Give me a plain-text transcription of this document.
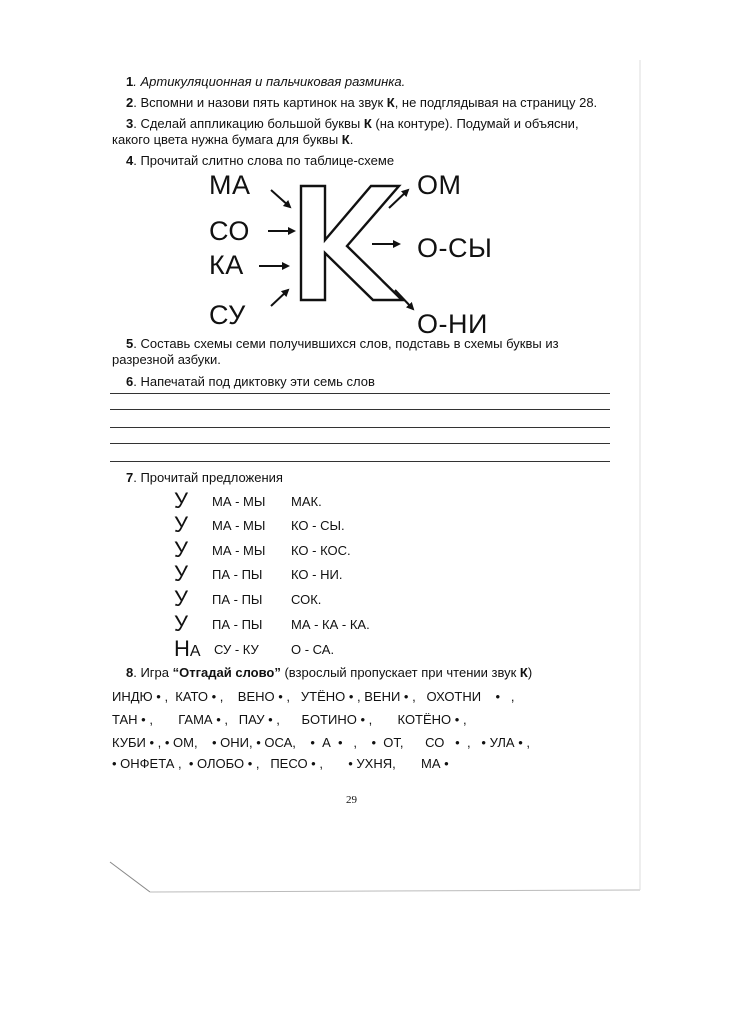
1. Артикуляционная и пальчиковая разминка.
2. Вспомни и назови пять картинок на звук К, не подглядывая на страницу 28.
3. Сделай аппликацию большой буквы К (на контуре). Подумай и объясни,
какого цвета нужна бумага для буквы К.
4. Прочитай слитно слова по таблице-схеме
МА
СО
КА
СУ
ОМ
О-СЫ
О-НИ
5. Составь схемы семи получившихся слов, подставь в схемы буквы из
разрезной азбуки.
6. Напечатай под диктовку эти семь слов
7. Прочитай предложения
У МА - МЫ МАК.
У МА - МЫ КО - СЫ.
У МА - МЫ КО - КОС.
У ПА - ПЫ КО - НИ.
У ПА - ПЫ СОК.
У ПА - ПЫ МА - КА - КА.
НА СУ - КУ О - СА.
8. Игра “Отгадай слово” (взрослый пропускает при чтении звук К)
ИНДЮ • ,  КАТО • ,    ВЕНО • ,   УТЁНО • , ВЕНИ • ,   ОХОТНИ    •   ,
ТАН • ,       ГАМА • ,   ПАУ • ,      БОТИНО • ,       КОТЁНО • ,
КУБИ • , • ОМ,    • ОНИ, • ОСА,    •  А  •   ,    •  ОТ,      СО   •  ,   • УЛА • ,
• ОНФЕТА ,  • ОЛОБО • ,   ПЕСО • ,       • УХНЯ,       МА •
29
